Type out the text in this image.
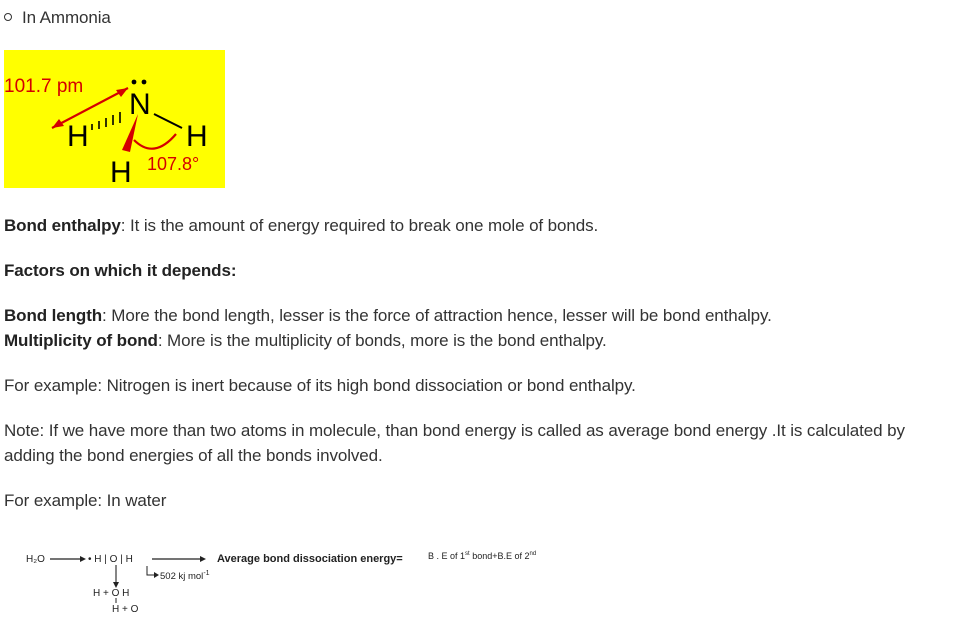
In Ammonia
101.7 pm
N
H	H
H 107.8°
Bond enthalpy: It is the amount of energy required to break one mole of bonds.
Factors on which it depends:
Bond length: More the bond length, lesser is the force of attraction hence, lesser will be bond enthalpy.
Multiplicity of bond: More is the multiplicity of bonds, more is the bond enthalpy.
For example: Nitrogen is inert because of its high bond dissociation or bond enthalpy.
Note: If we have more than two atoms in molecule, than bond energy is called as average bond energy .It is calculated by adding the bond energies of all the bonds involved.
For example: In water
H₂O	• H | O | H
502 kj mol$^{-1}$
Average bond dissociation energy=	B . E of 1st bond+B.E of 2nd
H + O H
H + O
